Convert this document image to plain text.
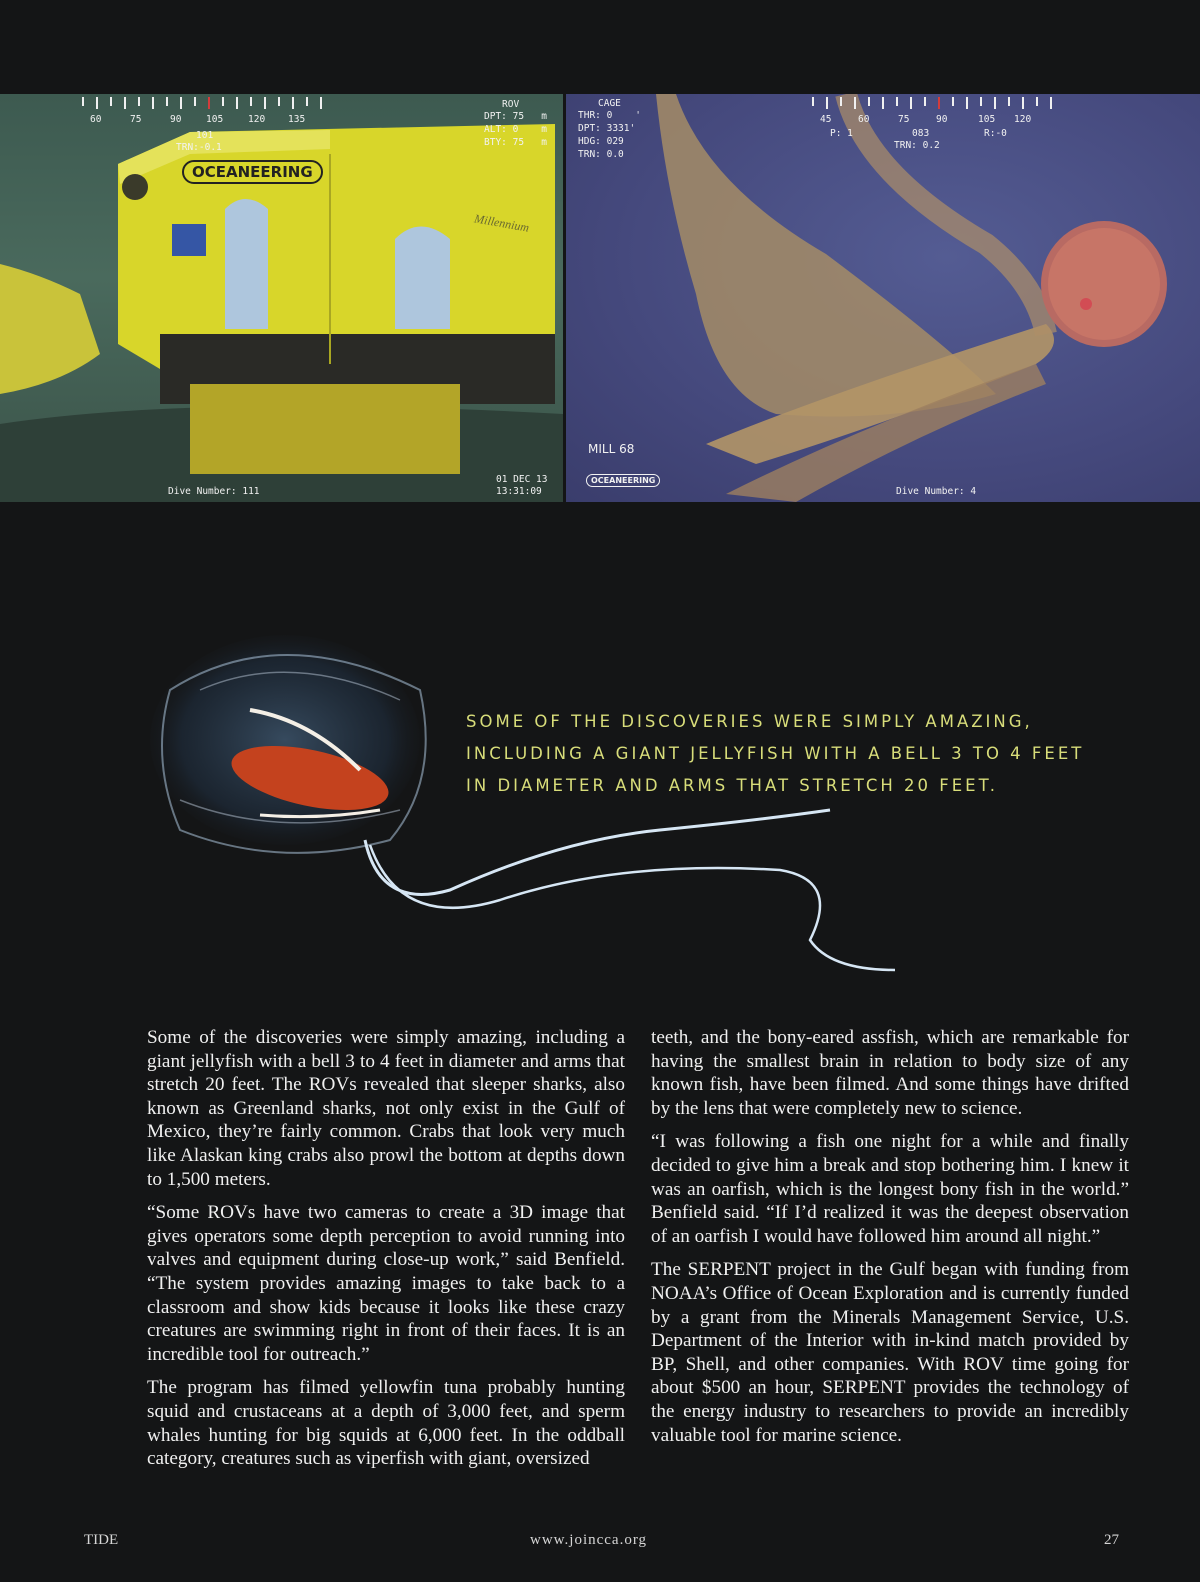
60	75	90	105	120 135
101
TRN:-0.1
ROV
DPT: 75   m
ALT: 0    m
BTY: 75   m
OCEANEERING
Millennium
01 DEC 13
13:31:09
Dive Number: 111
CAGE
THR: 0    '
DPT: 3331'
HDG: 029
TRN: 0.0
45	60	75	90	105 120
P: 1	083	R:-0
TRN: 0.2
MILL 68
OCEANEERING
Dive Number: 4
SOME OF THE DISCOVERIES WERE SIMPLY AMAZING, INCLUDING A GIANT JELLYFISH WITH A BELL 3 TO 4 FEET IN DIAMETER AND ARMS THAT STRETCH 20 FEET.

Some of the discoveries were simply amazing, including a giant jellyfish with a bell 3 to 4 feet in diameter and arms that stretch 20 feet. The ROVs revealed that sleeper sharks, also known as Greenland sharks, not only exist in the Gulf of Mexico, they’re fairly common. Crabs that look very much like Alaskan king crabs also prowl the bottom at depths down to 1,500 meters.

“Some ROVs have two cameras to create a 3D image that gives operators some depth perception to avoid running into valves and equipment during close-up work,” said Benfield. “The system provides amazing images to take back to a classroom and show kids because it looks like these crazy creatures are swimming right in front of their faces. It is an incredible tool for outreach.”

The program has filmed yellowfin tuna probably hunting squid and crustaceans at a depth of 3,000 feet, and sperm whales hunting for big squids at 6,000 feet. In the oddball category, creatures such as viperfish with giant, oversized

teeth, and the bony-eared assfish, which are remarkable for having the smallest brain in relation to body size of any known fish, have been filmed. And some things have drifted by the lens that were completely new to science.

“I was following a fish one night for a while and finally decided to give him a break and stop bothering him. I knew it was an oarfish, which is the longest bony fish in the world.” Benfield said. “If I’d realized it was the deepest observation of an oarfish I would have followed him around all night.”

The SERPENT project in the Gulf began with funding from NOAA’s Office of Ocean Exploration and is currently funded by a grant from the Minerals Management Service, U.S. Department of the Interior with in-kind match provided by BP, Shell, and other companies. With ROV time going for about $500 an hour, SERPENT provides the technology of the energy industry to researchers to provide an incredibly valuable tool for marine science.

TIDE	www.joincca.org	27
